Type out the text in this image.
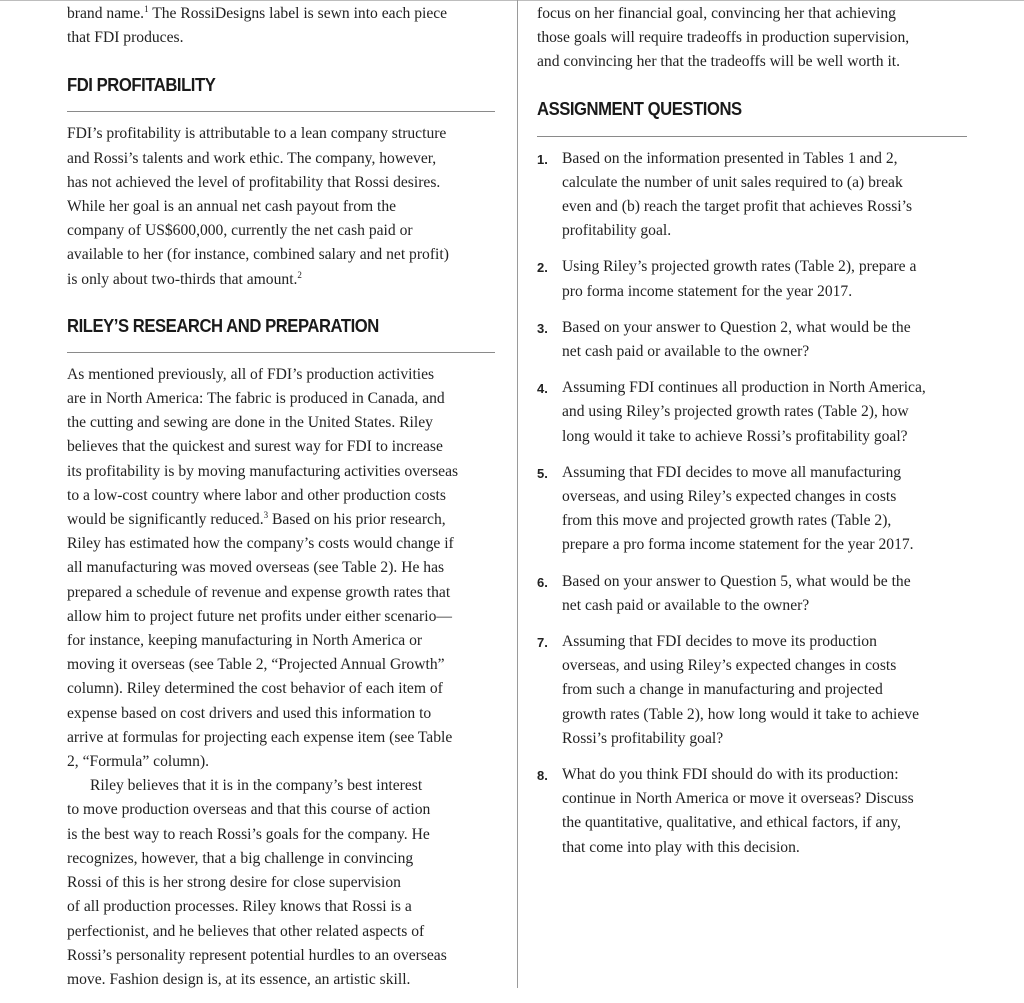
brand name.$^1$ The RossiDesigns label is sewn into each piece
that FDI produces.

FDI PROFITABILITY

FDI’s profitability is attributable to a lean company structure
and Rossi’s talents and work ethic. The company, however,
has not achieved the level of profitability that Rossi desires.
While her goal is an annual net cash payout from the
company of US$600,000, currently the net cash paid or
available to her (for instance, combined salary and net profit)
is only about two-thirds that amount.$^2$

RILEY’S RESEARCH AND PREPARATION

As mentioned previously, all of FDI’s production activities
are in North America: The fabric is produced in Canada, and
the cutting and sewing are done in the United States. Riley
believes that the quickest and surest way for FDI to increase
its profitability is by moving manufacturing activities overseas
to a low-cost country where labor and other production costs
would be significantly reduced.$^3$ Based on his prior research,
Riley has estimated how the company’s costs would change if
all manufacturing was moved overseas (see Table 2). He has
prepared a schedule of revenue and expense growth rates that
allow him to project future net profits under either scenario—
for instance, keeping manufacturing in North America or
moving it overseas (see Table 2, “Projected Annual Growth”
column). Riley determined the cost behavior of each item of
expense based on cost drivers and used this information to
arrive at formulas for projecting each expense item (see Table
2, “Formula” column).

Riley believes that it is in the company’s best interest
to move production overseas and that this course of action
is the best way to reach Rossi’s goals for the company. He
recognizes, however, that a big challenge in convincing
Rossi of this is her strong desire for close supervision
of all production processes. Riley knows that Rossi is a
perfectionist, and he believes that other related aspects of
Rossi’s personality represent potential hurdles to an overseas
move. Fashion design is, at its essence, an artistic skill.

focus on her financial goal, convincing her that achieving
those goals will require tradeoffs in production supervision,
and convincing her that the tradeoffs will be well worth it.

ASSIGNMENT QUESTIONS
1. Based on the information presented in Tables 1 and 2,
calculate the number of unit sales required to (a) break
even and (b) reach the target profit that achieves Rossi’s
profitability goal.
2. Using Riley’s projected growth rates (Table 2), prepare a
pro forma income statement for the year 2017.
3. Based on your answer to Question 2, what would be the
net cash paid or available to the owner?
4. Assuming FDI continues all production in North America,
and using Riley’s projected growth rates (Table 2), how
long would it take to achieve Rossi’s profitability goal?
5. Assuming that FDI decides to move all manufacturing
overseas, and using Riley’s expected changes in costs
from this move and projected growth rates (Table 2),
prepare a pro forma income statement for the year 2017.
6. Based on your answer to Question 5, what would be the
net cash paid or available to the owner?
7. Assuming that FDI decides to move its production
overseas, and using Riley’s expected changes in costs
from such a change in manufacturing and projected
growth rates (Table 2), how long would it take to achieve
Rossi’s profitability goal?
8. What do you think FDI should do with its production:
continue in North America or move it overseas? Discuss
the quantitative, qualitative, and ethical factors, if any,
that come into play with this decision.
